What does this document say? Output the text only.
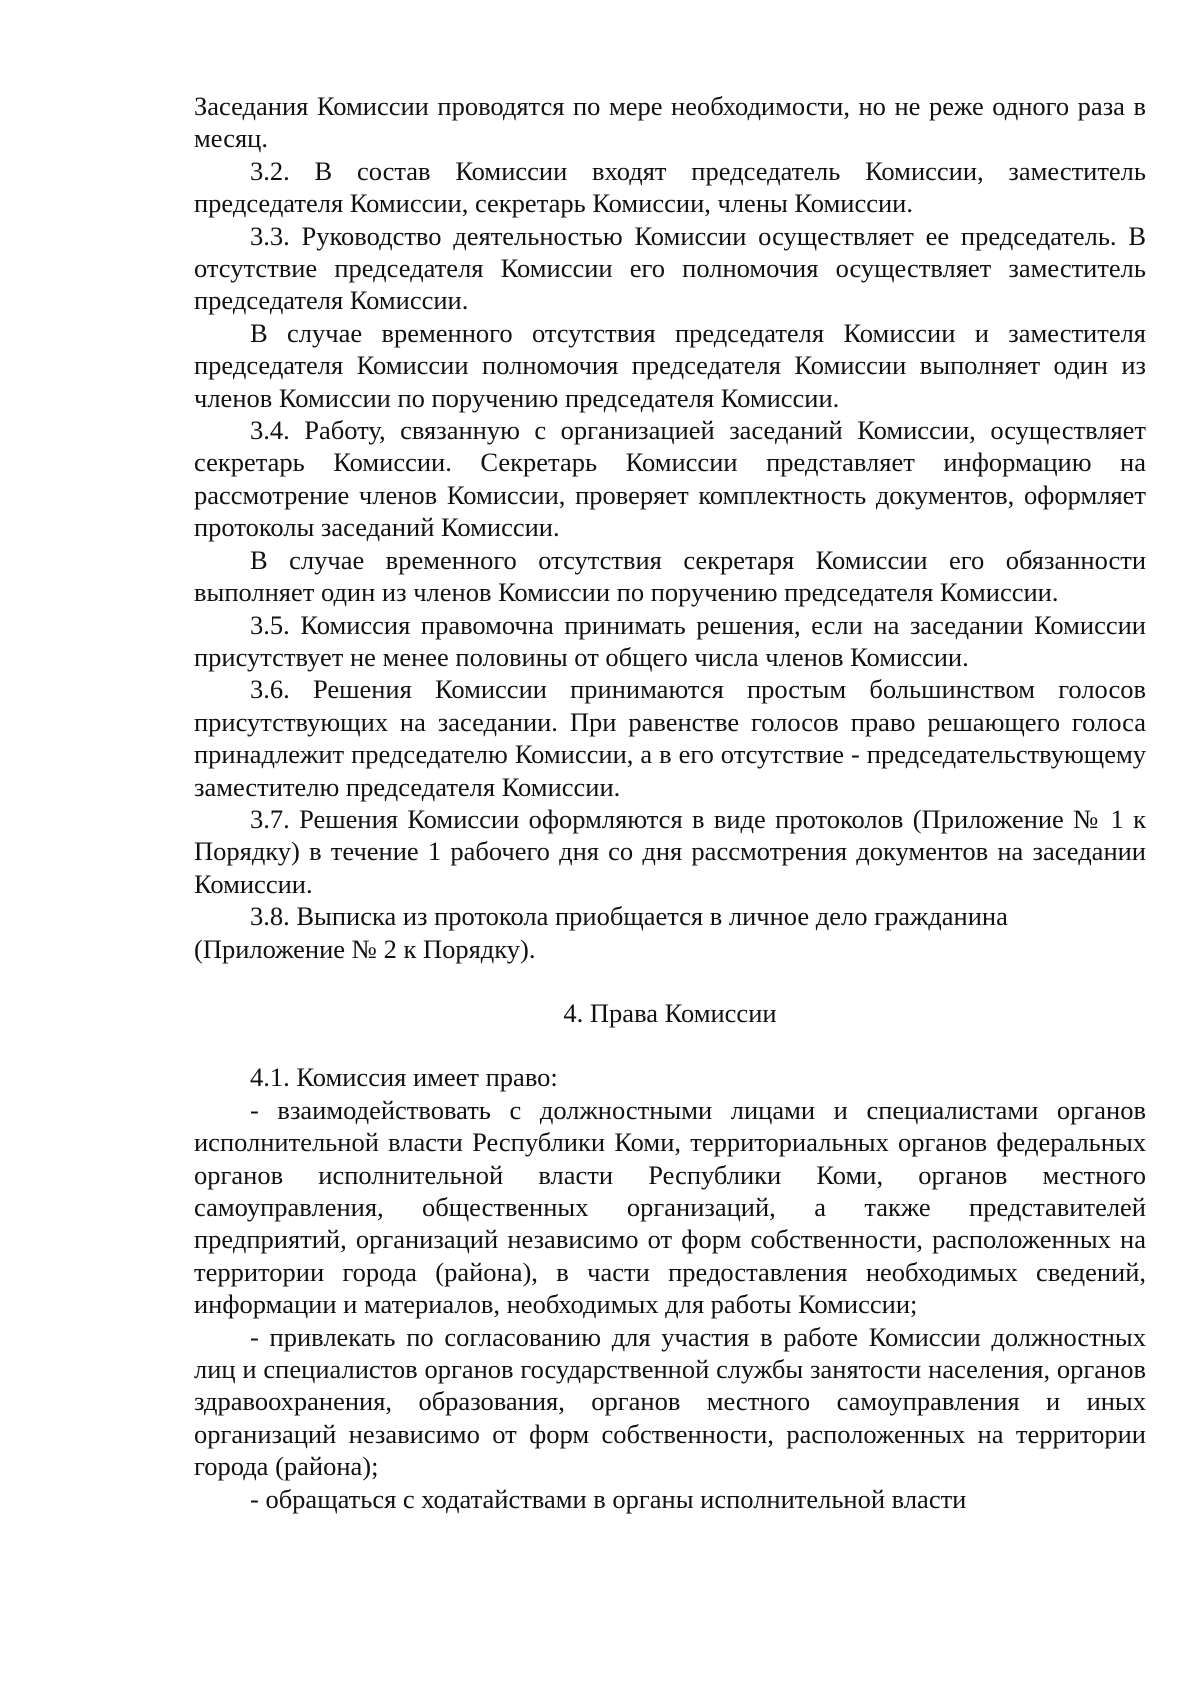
Заседания Комиссии проводятся по мере необходимости, но не реже одного раза в месяц.

3.2. В состав Комиссии входят председатель Комиссии, заместитель председателя Комиссии, секретарь Комиссии, члены Комиссии.

3.3. Руководство деятельностью Комиссии осуществляет ее председатель. В отсутствие председателя Комиссии его полномочия осуществляет заместитель председателя Комиссии.

В случае временного отсутствия председателя Комиссии и заместителя председателя Комиссии полномочия председателя Комиссии выполняет один из членов Комиссии по поручению председателя Комиссии.

3.4. Работу, связанную с организацией заседаний Комиссии, осуществляет секретарь Комиссии. Секретарь Комиссии представляет информацию на рассмотрение членов Комиссии, проверяет комплектность документов, оформляет протоколы заседаний Комиссии.

В случае временного отсутствия секретаря Комиссии его обязанности выполняет один из членов Комиссии по поручению председателя Комиссии.

3.5. Комиссия правомочна принимать решения, если на заседании Комиссии присутствует не менее половины от общего числа членов Комиссии.

3.6. Решения Комиссии принимаются простым большинством голосов присутствующих на заседании. При равенстве голосов право решающего голоса принадлежит председателю Комиссии, а в его отсутствие - председательствующему заместителю председателя Комиссии.

3.7. Решения Комиссии оформляются в виде протоколов (Приложение № 1 к Порядку) в течение 1 рабочего дня со дня рассмотрения документов на заседании Комиссии.

3.8. Выписка из протокола приобщается в личное дело гражданина (Приложение № 2 к Порядку).

4. Права Комиссии

4.1. Комиссия имеет право:

- взаимодействовать с должностными лицами и специалистами органов исполнительной власти Республики Коми, территориальных органов федеральных органов исполнительной власти Республики Коми, органов местного самоуправления, общественных организаций, а также представителей предприятий, организаций независимо от форм собственности, расположенных на территории города (района), в части предоставления необходимых сведений, информации и материалов, необходимых для работы Комиссии;

- привлекать по согласованию для участия в работе Комиссии должностных лиц и специалистов органов государственной службы занятости населения, органов здравоохранения, образования, органов местного самоуправления и иных организаций независимо от форм собственности, расположенных на территории города (района);

- обращаться с ходатайствами в органы исполнительной власти
